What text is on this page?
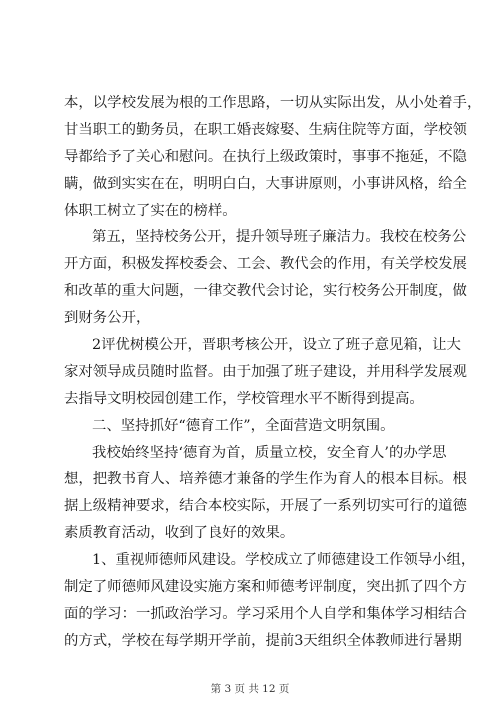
本，以学校发展为根的工作思路，一切从实际出发，从小处着手，
甘当职工的勤务员，在职工婚丧嫁娶、生病住院等方面，学校领
导都给予了关心和慰问。在执行上级政策时，事事不拖延，不隐
瞒，做到实实在在，明明白白，大事讲原则，小事讲风格，给全
体职工树立了实在的榜样。
第五，坚持校务公开，提升领导班子廉洁力。我校在校务公
开方面，积极发挥校委会、工会、教代会的作用，有关学校发展
和改革的重大问题，一律交教代会讨论，实行校务公开制度，做
到财务公开，
2评优树模公开，晋职考核公开，设立了班子意见箱，让大
家对领导成员随时监督。由于加强了班子建设，并用科学发展观
去指导文明校园创建工作，学校管理水平不断得到提高。
二、坚持抓好“德育工作”，全面营造文明氛围。
我校始终坚持‘德育为首，质量立校，安全育人’的办学思
想，把教书育人、培养德才兼备的学生作为育人的根本目标。根
据上级精神要求，结合本校实际，开展了一系列切实可行的道德
素质教育活动，收到了良好的效果。
1、重视师德师风建设。学校成立了师德建设工作领导小组，
制定了师德师风建设实施方案和师德考评制度，突出抓了四个方
面的学习：一抓政治学习。学习采用个人自学和集体学习相结合
的方式，学校在每学期开学前，提前3天组织全体教师进行暑期
第 3 页 共 12 页
